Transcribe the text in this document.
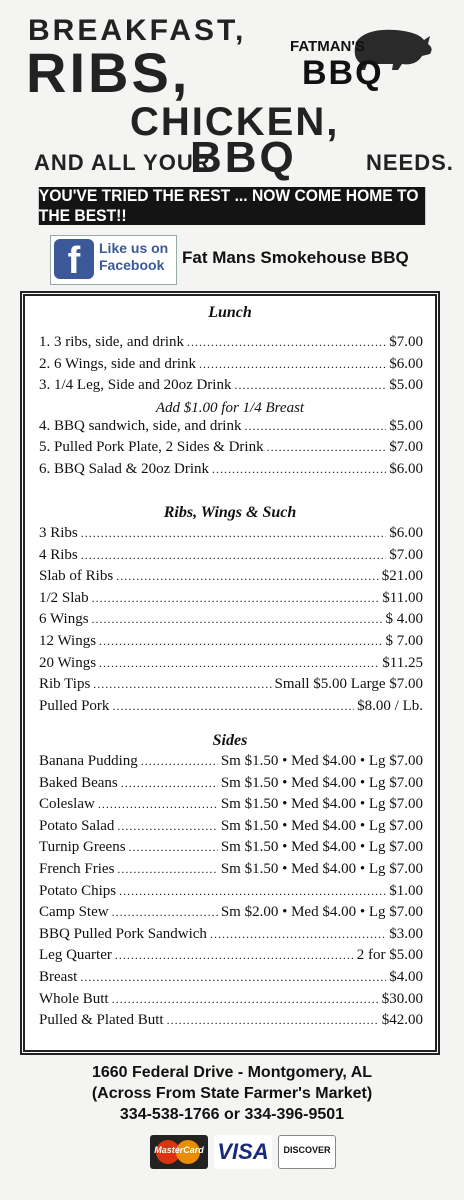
BREAKFAST,
RIBS,	FATMAN'S
BBQ
CHICKEN,
AND ALL YOUR
BBQ	NEEDS.
YOU'VE TRIED THE REST ... NOW COME HOME TO THE BEST!!
f	Like us on
Facebook Fat Mans Smokehouse BBQ
Lunch
1. 3 ribs, side, and drink .....	$7.00
2. 6 Wings, side and drink .....	$6.00
3. 1/4 Leg, Side and 20oz Drink .....	$5.00
4. BBQ sandwich, side, and drink .....	$5.00
5. Pulled Pork Plate, 2 Sides & Drink .....	$7.00
6. BBQ Salad & 20oz Drink .....	$6.00
Add $1.00 for 1/4 Breast
Ribs, Wings & Such
3 Ribs .....	$6.00
4 Ribs .....	$7.00
Slab of Ribs .....	$21.00
1/2 Slab .....	$11.00
6 Wings .....	$ 4.00
12 Wings .....	$ 7.00
20 Wings .....	$11.25
Rib Tips .....	Small $5.00 Large $7.00
Pulled Pork .....	$8.00 / Lb.
Sides
Banana Pudding .....	Sm $1.50 • Med $4.00 • Lg $7.00
Baked Beans .....	Sm $1.50 • Med $4.00 • Lg $7.00
Coleslaw .....	Sm $1.50 • Med $4.00 • Lg $7.00
Potato Salad .....	Sm $1.50 • Med $4.00 • Lg $7.00
Turnip Greens .....	Sm $1.50 • Med $4.00 • Lg $7.00
French Fries .....	Sm $1.50 • Med $4.00 • Lg $7.00
Potato Chips .....	$1.00
Camp Stew .....	Sm $2.00 • Med $4.00 • Lg $7.00
BBQ Pulled Pork Sandwich .....	$3.00
Leg Quarter .....	2 for $5.00
Breast .....	$4.00
Whole Butt .....	$30.00
Pulled & Plated Butt .....	$42.00
1660 Federal Drive - Montgomery, AL
(Across From State Farmer's Market)
334-538-1766 or 334-396-9501
MasterCard VISA	DISCOVER
